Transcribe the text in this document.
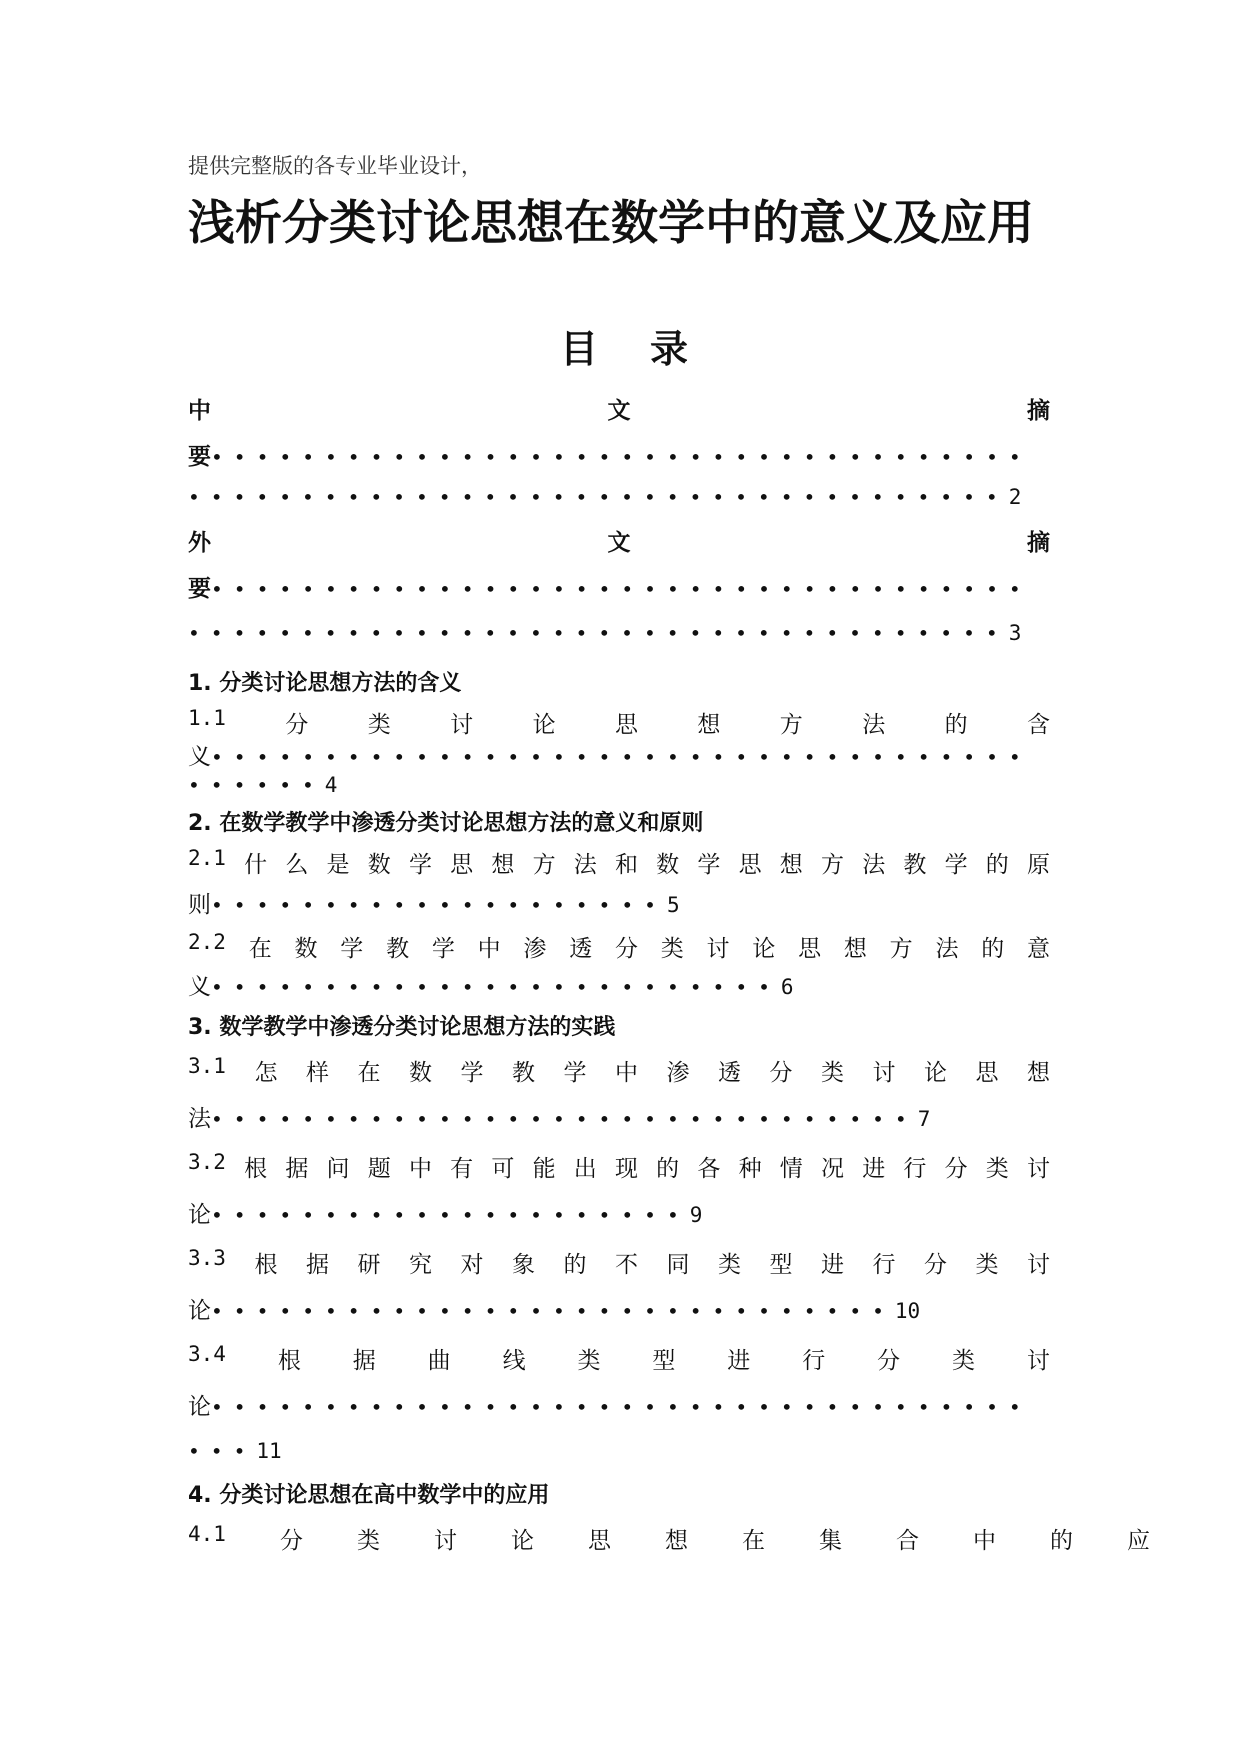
提供完整版的各专业毕业设计，
浅析分类讨论思想在数学中的意义及应用
目 录
中	文	摘
要••••••••••••••••••••••••••••••••••••
••••••••••••••••••••••••••••••••••••2
外	文	摘
要••••••••••••••••••••••••••••••••••••
••••••••••••••••••••••••••••••••••••3
1. 分类讨论思想方法的含义
1.1	分	类	讨	论	思	想	方	法	的	含
义••••••••••••••••••••••••••••••••••••
••••••4
2. 在数学教学中渗透分类讨论思想方法的意义和原则
2.1 什 么 是 数 学 思 想 方 法 和 数 学 思 想 方 法 教 学 的 原
则••••••••••••••••••••5
2.2 在 数 学 教 学 中 渗 透 分 类 讨 论 思 想 方 法 的 意
义•••••••••••••••••••••••••6
3. 数学教学中渗透分类讨论思想方法的实践
3.1 怎 样 在 数 学 教 学 中 渗 透 分 类 讨 论 思 想
法•••••••••••••••••••••••••••••••7
3.2 根 据 问 题 中 有 可 能 出 现 的 各 种 情 况 进 行 分 类 讨
论•••••••••••••••••••••9
3.3 根 据 研 究 对 象 的 不 同 类 型 进 行 分 类 讨
论••••••••••••••••••••••••••••••10
3.4 根 据 曲 线 类 型 进 行 分 类 讨
论••••••••••••••••••••••••••••••••••••
•••11
4. 分类讨论思想在高中数学中的应用
4.1 分 类 讨 论 思 想 在 集 合 中 的 应
